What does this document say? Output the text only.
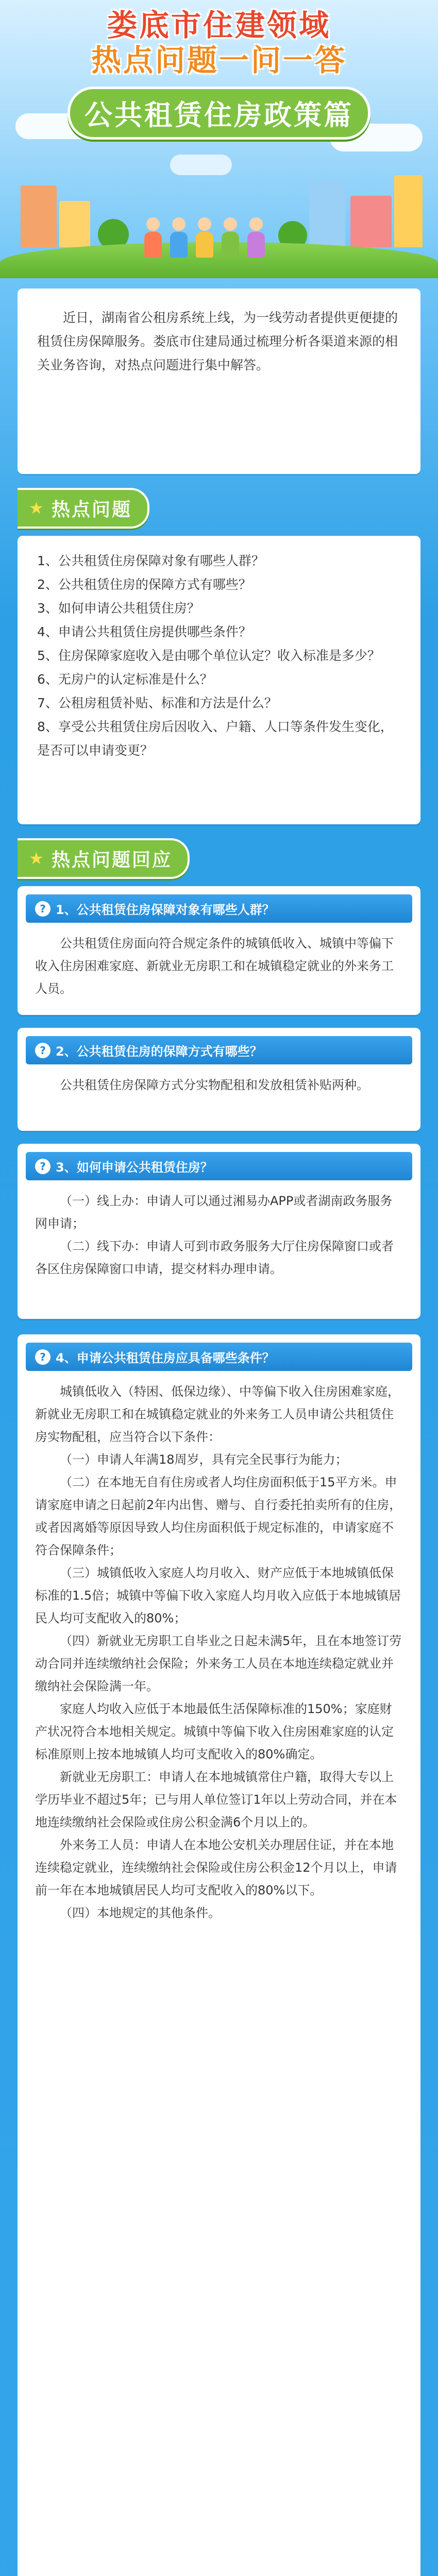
娄底市住建领域
热点问题一问一答
公共租赁住房政策篇

近日，湖南省公租房系统上线，为一线劳动者提供更便捷的租赁住房保障服务。娄底市住建局通过梳理分析各渠道来源的相关业务咨询，对热点问题进行集中解答。

★ 热点问题

1、公共租赁住房保障对象有哪些人群？

2、公共租赁住房的保障方式有哪些？

3、如何申请公共租赁住房？

4、申请公共租赁住房提供哪些条件？

5、住房保障家庭收入是由哪个单位认定？收入标准是多少？

6、无房户的认定标准是什么？

7、公租房租赁补贴、标准和方法是什么？

8、享受公共租赁住房后因收入、户籍、人口等条件发生变化，是否可以申请变更？

★ 热点问题回应
? 1、公共租赁住房保障对象有哪些人群？

公共租赁住房面向符合规定条件的城镇低收入、城镇中等偏下收入住房困难家庭、新就业无房职工和在城镇稳定就业的外来务工人员。

? 2、公共租赁住房的保障方式有哪些？

公共租赁住房保障方式分实物配租和发放租赁补贴两种。

? 3、如何申请公共租赁住房？

（一）线上办：申请人可以通过湘易办APP或者湖南政务服务网申请；

（二）线下办：申请人可到市政务服务大厅住房保障窗口或者各区住房保障窗口申请，提交材料办理申请。

? 4、申请公共租赁住房应具备哪些条件？

城镇低收入（特困、低保边缘）、中等偏下收入住房困难家庭，新就业无房职工和在城镇稳定就业的外来务工人员申请公共租赁住房实物配租，应当符合以下条件：

（一）申请人年满18周岁，具有完全民事行为能力；

（二）在本地无自有住房或者人均住房面积低于15平方米。申请家庭申请之日起前2年内出售、赠与、自行委托拍卖所有的住房，或者因离婚等原因导致人均住房面积低于规定标准的，申请家庭不符合保障条件；

（三）城镇低收入家庭人均月收入、财产应低于本地城镇低保标准的1.5倍；城镇中等偏下收入家庭人均月收入应低于本地城镇居民人均可支配收入的80%；

（四）新就业无房职工自毕业之日起未满5年，且在本地签订劳动合同并连续缴纳社会保险；外来务工人员在本地连续稳定就业并缴纳社会保险满一年。

家庭人均收入应低于本地最低生活保障标准的150%；家庭财产状况符合本地相关规定。城镇中等偏下收入住房困难家庭的认定标准原则上按本地城镇人均可支配收入的80%确定。

新就业无房职工：申请人在本地城镇常住户籍，取得大专以上学历毕业不超过5年；已与用人单位签订1年以上劳动合同，并在本地连续缴纳社会保险或住房公积金满6个月以上的。

外来务工人员：申请人在本地公安机关办理居住证，并在本地连续稳定就业，连续缴纳社会保险或住房公积金12个月以上，申请前一年在本地城镇居民人均可支配收入的80%以下。

（四）本地规定的其他条件。
